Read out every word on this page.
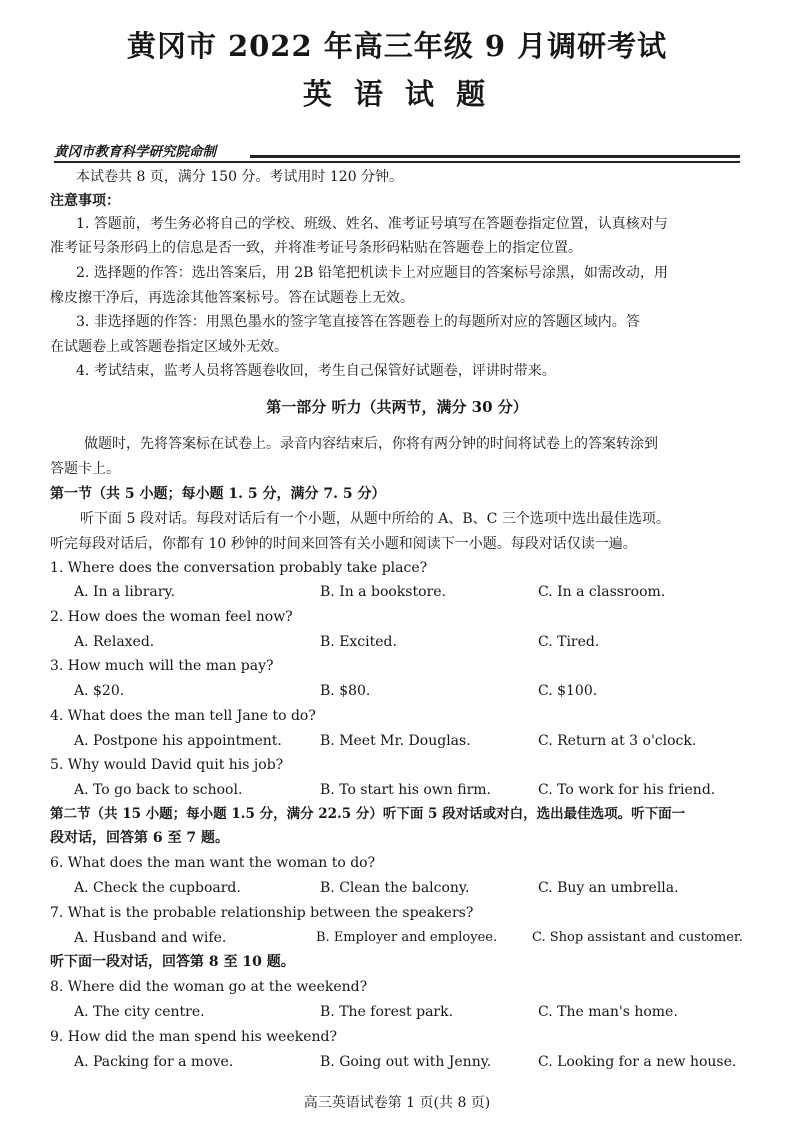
黄冈市 2022 年高三年级 9 月调研考试
英 语 试 题
黄冈市教育科学研究院命制
本试卷共 8 页，满分 150 分。考试用时 120 分钟。
注意事项：
1. 答题前，考生务必将自己的学校、班级、姓名、准考证号填写在答题卷指定位置，认真核对与
准考证号条形码上的信息是否一致，并将准考证号条形码粘贴在答题卷上的指定位置。
2. 选择题的作答：选出答案后，用 2B 铅笔把机读卡上对应题目的答案标号涂黑，如需改动，用
橡皮擦干净后，再选涂其他答案标号。答在试题卷上无效。
3. 非选择题的作答：用黑色墨水的签字笔直接答在答题卷上的每题所对应的答题区域内。答
在试题卷上或答题卷指定区域外无效。
4. 考试结束，监考人员将答题卷收回，考生自己保管好试题卷，评讲时带来。
第一部分 听力（共两节，满分 30 分）
做题时，先将答案标在试卷上。录音内容结束后，你将有两分钟的时间将试卷上的答案转涂到
答题卡上。
第一节（共 5 小题；每小题 1. 5 分，满分 7. 5 分）
听下面 5 段对话。每段对话后有一个小题，从题中所给的 A、B、C 三个选项中选出最佳选项。
听完每段对话后，你都有 10 秒钟的时间来回答有关小题和阅读下一小题。每段对话仅读一遍。
1. Where does the conversation probably take place?
A. In a library.	B. In a bookstore.	C. In a classroom.
2. How does the woman feel now?
A. Relaxed.	B. Excited.	C. Tired.
3. How much will the man pay?
A. $20.	B. $80.	C. $100.
4. What does the man tell Jane to do?
A. Postpone his appointment.	B. Meet Mr. Douglas.	C. Return at 3 o'clock.
5. Why would David quit his job?
A. To go back to school.	B. To start his own firm.	C. To work for his friend.
第二节（共 15 小题；每小题 1.5 分，满分 22.5 分）听下面 5 段对话或对白，选出最佳选项。听下面一
段对话，回答第 6 至 7 题。
6. What does the man want the woman to do?
A. Check the cupboard.	B. Clean the balcony.	C. Buy an umbrella.
7. What is the probable relationship between the speakers?
A. Husband and wife.	B. Employer and employee.	C. Shop assistant and customer.
听下面一段对话，回答第 8 至 10 题。
8. Where did the woman go at the weekend?
A. The city centre.	B. The forest park.	C. The man's home.
9. How did the man spend his weekend?
A. Packing for a move.	B. Going out with Jenny.	C. Looking for a new house.
高三英语试卷第 1 页(共 8 页)
